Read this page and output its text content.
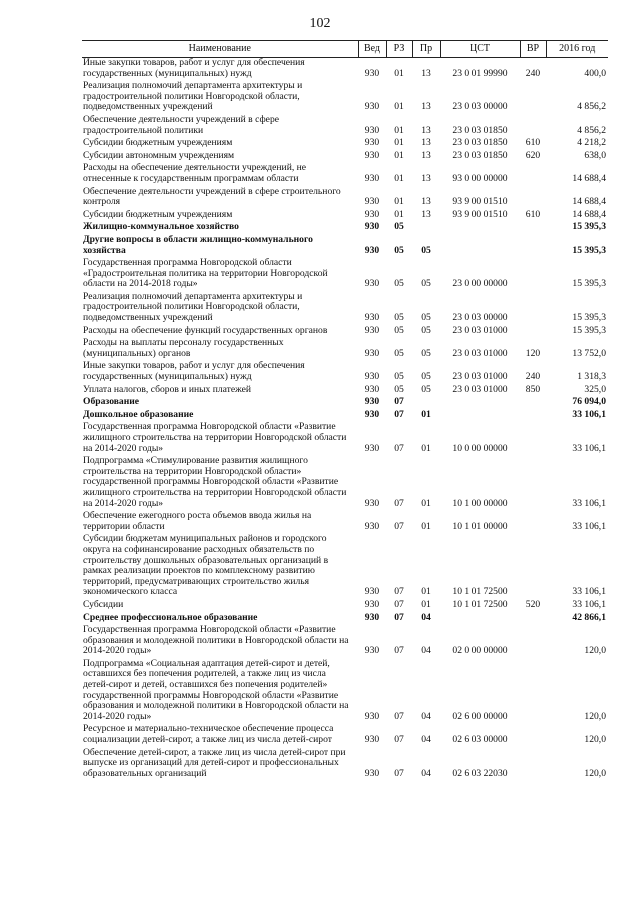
102
Наименование	Вед	РЗ	Пр	ЦСТ	ВР	2016 год
Иные закупки товаров, работ и услуг для обеспечения государственных (муниципальных) нужд	930	01	13	23 0 01 99990	240	400,0
Реализация полномочий департамента архитектуры и градостроительной политики Новгородской области, подведомственных учреждений	930	01	13	23 0 03 00000		4 856,2
Обеспечение деятельности учреждений в сфере градостроительной политики	930	01	13	23 0 03 01850		4 856,2
Субсидии бюджетным учреждениям	930	01	13	23 0 03 01850	610	4 218,2
Субсидии автономным учреждениям	930	01	13	23 0 03 01850	620	638,0
Расходы на обеспечение деятельности учреждений, не отнесенные к государственным программам области	930	01	13	93 0 00 00000		14 688,4
Обеспечение деятельности учреждений в сфере строительного контроля	930	01	13	93 9 00 01510		14 688,4
Субсидии бюджетным учреждениям	930	01	13	93 9 00 01510	610	14 688,4
Жилищно-коммунальное хозяйство	930	05				15 395,3
Другие вопросы в области жилищно-коммунального хозяйства	930	05	05			15 395,3
Государственная программа Новгородской области «Градостроительная политика на территории Новгородской области на 2014-2018 годы»	930	05	05	23 0 00 00000		15 395,3
Реализация полномочий департамента архитектуры и градостроительной политики Новгородской области, подведомственных учреждений	930	05	05	23 0 03 00000		15 395,3
Расходы на обеспечение функций государственных органов	930	05	05	23 0 03 01000		15 395,3
Расходы на выплаты персоналу государственных (муниципальных) органов	930	05	05	23 0 03 01000	120	13 752,0
Иные закупки товаров, работ и услуг для обеспечения государственных (муниципальных) нужд	930	05	05	23 0 03 01000	240	1 318,3
Уплата налогов, сборов и иных платежей	930	05	05	23 0 03 01000	850	325,0
Образование	930	07				76 094,0
Дошкольное образование	930	07	01			33 106,1
Государственная программа Новгородской области «Развитие жилищного строительства на территории Новгородской области на 2014-2020 годы»	930	07	01	10 0 00 00000		33 106,1
Подпрограмма «Стимулирование развития жилищного строительства на территории Новгородской области» государственной программы Новгородской области «Развитие жилищного строительства на территории Новгородской области на 2014-2020 годы»	930	07	01	10 1 00 00000		33 106,1
Обеспечение ежегодного роста объемов ввода жилья на территории области	930	07	01	10 1 01 00000		33 106,1
Субсидии бюджетам муниципальных районов и городского округа на софинансирование расходных обязательств по строительству дошкольных образовательных организаций в рамках реализации проектов по комплексному развитию территорий, предусматривающих строительство жилья экономического класса	930	07	01	10 1 01 72500		33 106,1
Субсидии	930	07	01	10 1 01 72500	520	33 106,1
Среднее профессиональное образование	930	07	04			42 866,1
Государственная программа Новгородской области «Развитие образования и молодежной политики в Новгородской области на 2014-2020 годы»	930	07	04	02 0 00 00000		120,0
Подпрограмма «Социальная адаптация детей-сирот и детей, оставшихся без попечения родителей, а также лиц из числа детей-сирот и детей, оставшихся без попечения родителей» государственной программы Новгородской области «Развитие образования и молодежной политики в Новгородской области на 2014-2020 годы»	930	07	04	02 6 00 00000		120,0
Ресурсное и материально-техническое обеспечение процесса социализации детей-сирот, а также лиц из числа детей-сирот	930	07	04	02 6 03 00000		120,0
Обеспечение детей-сирот, а также лиц из числа детей-сирот при выпуске из организаций для детей-сирот и профессиональных образовательных организаций	930	07	04	02 6 03 22030		120,0
